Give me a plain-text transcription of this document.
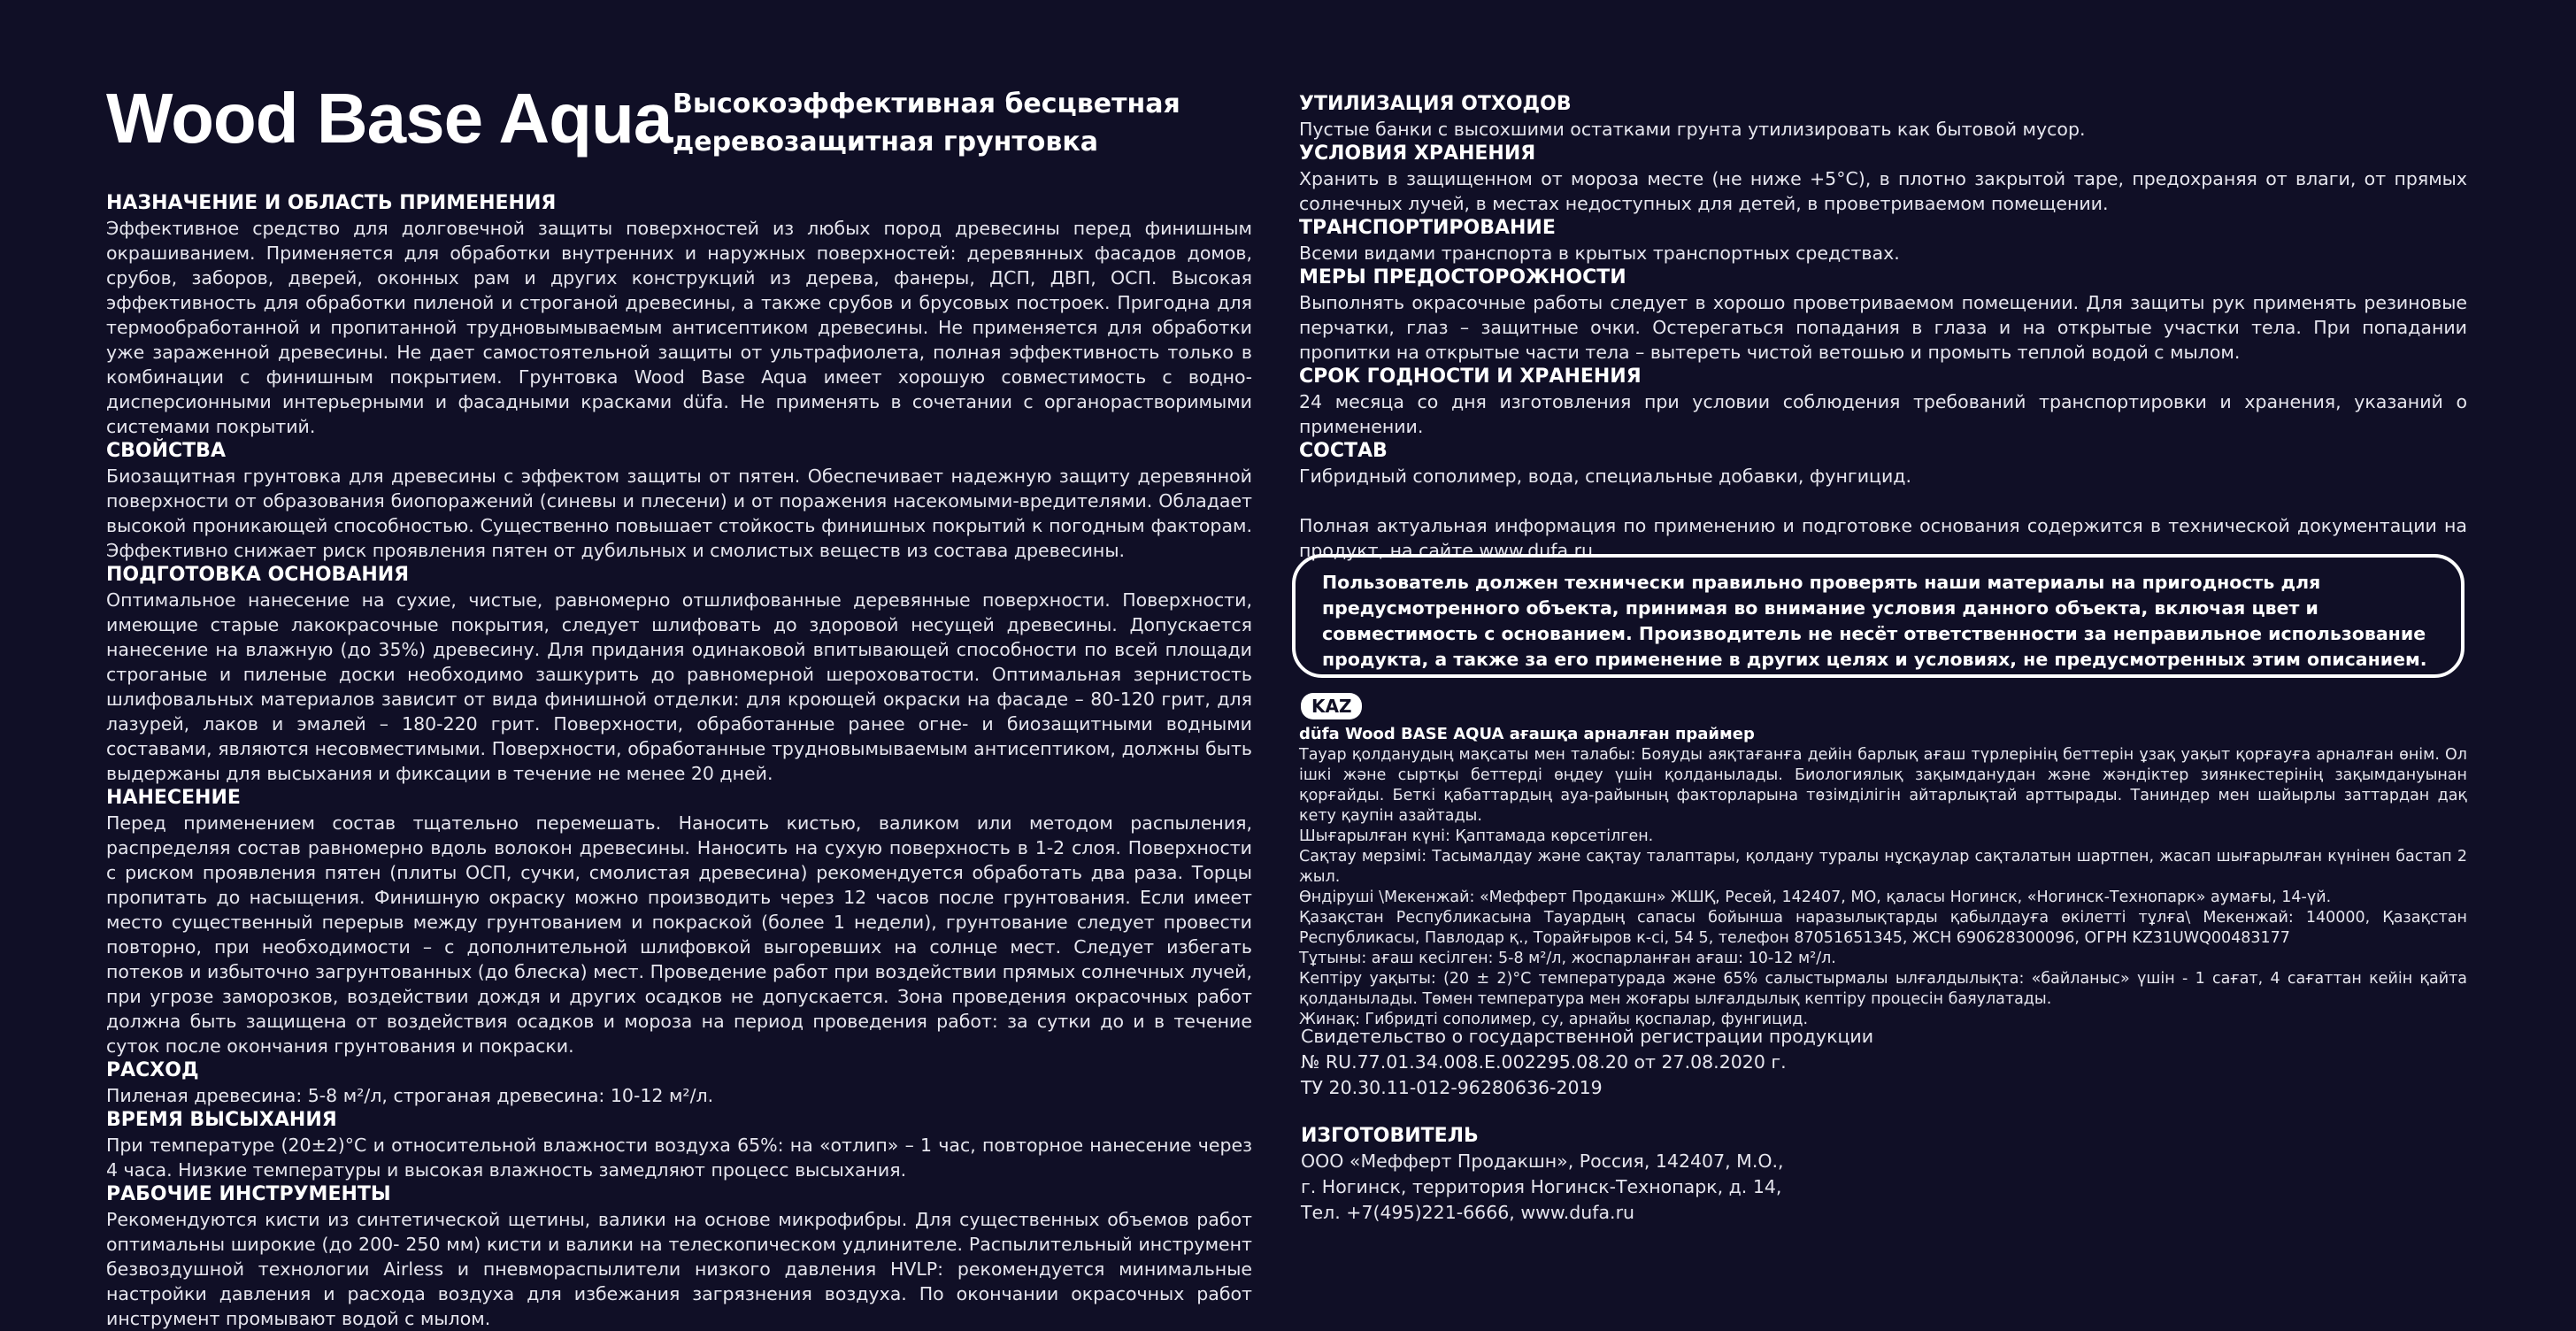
Wood Base Aqua Высокоэффективная бесцветная
деревозащитная грунтовка

НАЗНАЧЕНИЕ И ОБЛАСТЬ ПРИМЕНЕНИЯ

Эффективное средство для долговечной защиты поверхностей из любых пород древесины перед финишным окрашиванием. Применяется для обработки внутренних и наружных поверхностей: деревянных фасадов домов, срубов, заборов, дверей, оконных рам и других конструкций из дерева, фанеры, ДСП, ДВП, ОСП. Высокая эффективность для обработки пиленой и строганой древесины, а также срубов и брусовых построек. Пригодна для термообработанной и пропитанной трудновымываемым антисептиком древесины. Не применяется для обработки уже зараженной древесины. Не дает самостоятельной защиты от ультрафиолета, полная эффективность только в комбинации с финишным покрытием. Грунтовка Wood Base Aqua имеет хорошую совместимость с водно-дисперсионными интерьерными и фасадными красками düfa. Не применять в сочетании с органорастворимыми системами покрытий.

СВОЙСТВА

Биозащитная грунтовка для древесины с эффектом защиты от пятен. Обеспечивает надежную защиту деревянной поверхности от образования биопоражений (синевы и плесени) и от поражения насекомыми-вредителями. Обладает высокой проникающей способностью. Существенно повышает стойкость финишных покрытий к погодным факторам. Эффективно снижает риск проявления пятен от дубильных и смолистых веществ из состава древесины.

ПОДГОТОВКА ОСНОВАНИЯ

Оптимальное нанесение на сухие, чистые, равномерно отшлифованные деревянные поверхности. Поверхности, имеющие старые лакокрасочные покрытия, следует шлифовать до здоровой несущей древесины. Допускается нанесение на влажную (до 35%) древесину. Для придания одинаковой впитывающей способности по всей площади строганые и пиленые доски необходимо зашкурить до равномерной шероховатости. Оптимальная зернистость шлифовальных материалов зависит от вида финишной отделки: для кроющей окраски на фасаде – 80-120 грит, для лазурей, лаков и эмалей – 180-220 грит. Поверхности, обработанные ранее огне- и биозащитными водными составами, являются несовместимыми. Поверхности, обработанные трудновымываемым антисептиком, должны быть выдержаны для высыхания и фиксации в течение не менее 20 дней.

НАНЕСЕНИЕ

Перед применением состав тщательно перемешать. Наносить кистью, валиком или методом распыления, распределяя состав равномерно вдоль волокон древесины. Наносить на сухую поверхность в 1-2 слоя. Поверхности с риском проявления пятен (плиты ОСП, сучки, смолистая древесина) рекомендуется обработать два раза. Торцы пропитать до насыщения. Финишную окраску можно производить через 12 часов после грунтования. Если имеет место существенный перерыв между грунтованием и покраской (более 1 недели), грунтование следует провести повторно, при необходимости – с дополнительной шлифовкой выгоревших на солнце мест. Следует избегать потеков и избыточно загрунтованных (до блеска) мест. Проведение работ при воздействии прямых солнечных лучей, при угрозе заморозков, воздействии дождя и других осадков не допускается. Зона проведения окрасочных работ должна быть защищена от воздействия осадков и мороза на период проведения работ: за сутки до и в течение суток после окончания грунтования и покраски.

РАСХОД

Пиленая древесина: 5-8 м²/л, строганая древесина: 10-12 м²/л.

ВРЕМЯ ВЫСЫХАНИЯ

При температуре (20±2)°С и относительной влажности воздуха 65%: на «отлип» – 1 час, повторное нанесение через 4 часа. Низкие температуры и высокая влажность замедляют процесс высыхания.

РАБОЧИЕ ИНСТРУМЕНТЫ

Рекомендуются кисти из синтетической щетины, валики на основе микрофибры. Для существенных объемов работ оптимальны широкие (до 200- 250 мм) кисти и валики на телескопическом удлинителе. Распылительный инструмент безвоздушной технологии Airless и пневмораспылители низкого давления HVLP: рекомендуется минимальные настройки давления и расхода воздуха для избежания загрязнения воздуха. По окончании окрасочных работ инструмент промывают водой с мылом.

УТИЛИЗАЦИЯ ОТХОДОВ

Пустые банки с высохшими остатками грунта утилизировать как бытовой мусор.

УСЛОВИЯ ХРАНЕНИЯ

Хранить в защищенном от мороза месте (не ниже +5°С), в плотно закрытой таре, предохраняя от влаги, от прямых солнечных лучей, в местах недоступных для детей, в проветриваемом помещении.

ТРАНСПОРТИРОВАНИЕ

Всеми видами транспорта в крытых транспортных средствах.

МЕРЫ ПРЕДОСТОРОЖНОСТИ

Выполнять окрасочные работы следует в хорошо проветриваемом помещении. Для защиты рук применять резиновые перчатки, глаз – защитные очки. Остерегаться попадания в глаза и на открытые участки тела. При попадании пропитки на открытые части тела – вытереть чистой ветошью и промыть теплой водой с мылом.

СРОК ГОДНОСТИ И ХРАНЕНИЯ

24 месяца со дня изготовления при условии соблюдения требований транспортировки и хранения, указаний о применении.

СОСТАВ

Гибридный сополимер, вода, специальные добавки, фунгицид.

Полная актуальная информация по применению и подготовке основания содержится в технической документации на продукт, на сайте www.dufa.ru

Пользователь должен технически правильно проверять наши материалы на пригодность для предусмотренного объекта, принимая во внимание условия данного объекта, включая цвет и совместимость с основанием. Производитель не несёт ответственности за неправильное использование продукта, а также за его применение в других целях и условиях, не предусмотренных этим описанием.
KAZ

düfa Wood BASE AQUA ағашқа арналған праймер

Тауар қолданудың мақсаты мен талабы: Бояуды аяқтағанға дейін барлық ағаш түрлерінің беттерін ұзақ уақыт қорғауға арналған өнім. Ол ішкі және сыртқы беттерді өңдеу үшін қолданылады. Биологиялық зақымданудан және жәндіктер зиянкестерінің зақымдануынан қорғайды. Беткі қабаттардың ауа-райының факторларына төзімділігін айтарлықтай арттырады. Таниндер мен шайырлы заттардан дақ кету қаупін азайтады.

Шығарылған күні: Қаптамада көрсетілген.

Сақтау мерзімі: Тасымалдау және сақтау талаптары, қолдану туралы нұсқаулар сақталатын шартпен, жасап шығарылған күнінен бастап 2 жыл.

Өндіруші \Мекенжай: «Мефферт Продакшн» ЖШҚ, Ресей, 142407, МО, қаласы Ногинск, «Ногинск-Технопарк» аумағы, 14-үй.

Қазақстан Республикасына Тауардың сапасы бойынша наразылықтарды қабылдауға өкілетті тұлға\ Мекенжай: 140000, Қазақстан Республикасы, Павлодар қ., Торайғыров к-сі, 54 5, телефон 87051651345, ЖСН 690628300096, ОГРН KZ31UWQ00483177

Тұтыны: ағаш кесілген: 5-8 м²/л, жоспарланған ағаш: 10-12 м²/л.

Кептіру уақыты: (20 ± 2)°С температурада және 65% салыстырмалы ылғалдылықта: «байланыс» үшін - 1 сағат, 4 сағаттан кейін қайта қолданылады. Төмен температура мен жоғары ылғалдылық кептіру процесін баяулатады.

Жинақ: Гибридті сополимер, су, арнайы қоспалар, фунгицид.

Свидетельство о государственной регистрации продукции

№ RU.77.01.34.008.Е.002295.08.20 от 27.08.2020 г.

ТУ 20.30.11-012-96280636-2019

ИЗГОТОВИТЕЛЬ

ООО «Мефферт Продакшн», Россия, 142407, М.О.,

г. Ногинск, территория Ногинск-Технопарк, д. 14,

Тел. +7(495)221-6666, www.dufa.ru
